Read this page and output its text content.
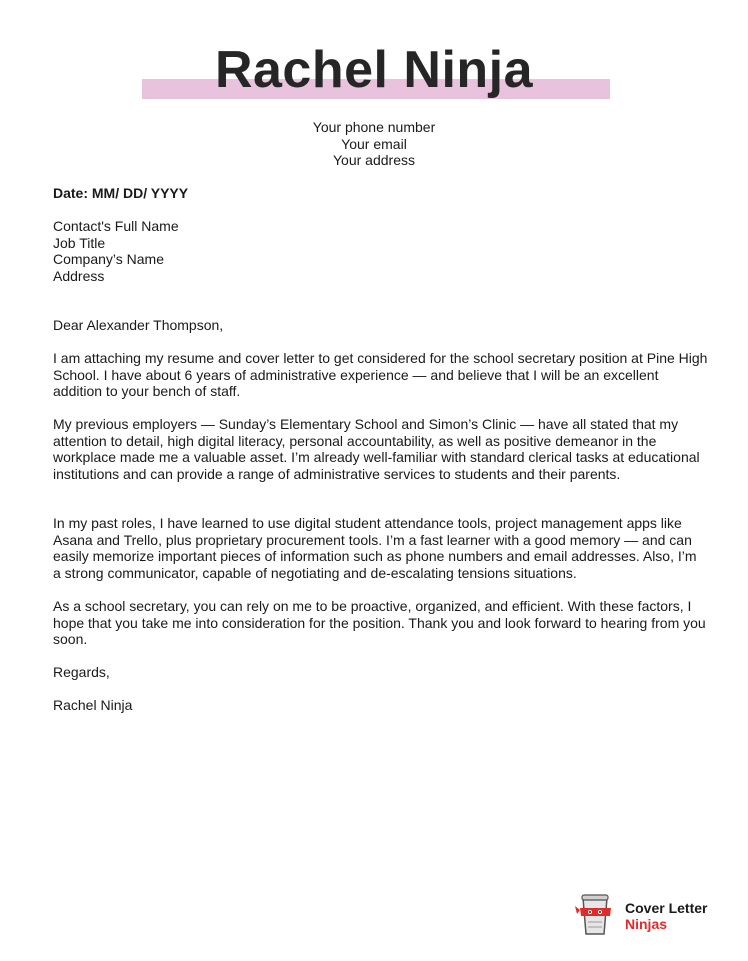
Rachel Ninja
Your phone number
Your email
Your address
Date: MM/ DD/ YYYY
Contact's Full Name
Job Title
Company’s Name
Address
Dear Alexander Thompson,
I am attaching my resume and cover letter to get considered for the school secretary position at Pine High School. I have about 6 years of administrative experience — and believe that I will be an excellent addition to your bench of staff.
My previous employers — Sunday’s Elementary School and Simon’s Clinic — have all stated that my attention to detail, high digital literacy, personal accountability, as well as positive demeanor in the workplace made me a valuable asset. I’m already well-familiar with standard clerical tasks at educational institutions and can provide a range of administrative services to students and their parents.
In my past roles, I have learned to use digital student attendance tools, project management apps like Asana and Trello, plus proprietary procurement tools. I’m a fast learner with a good memory — and can easily memorize important pieces of information such as phone numbers and email addresses. Also, I’m a strong communicator, capable of negotiating and de-escalating tensions situations.
As a school secretary, you can rely on me to be proactive, organized, and efficient. With these factors, I hope that you take me into consideration for the position. Thank you and look forward to hearing from you soon.
Regards,
Rachel Ninja
Cover Letter
Ninjas
